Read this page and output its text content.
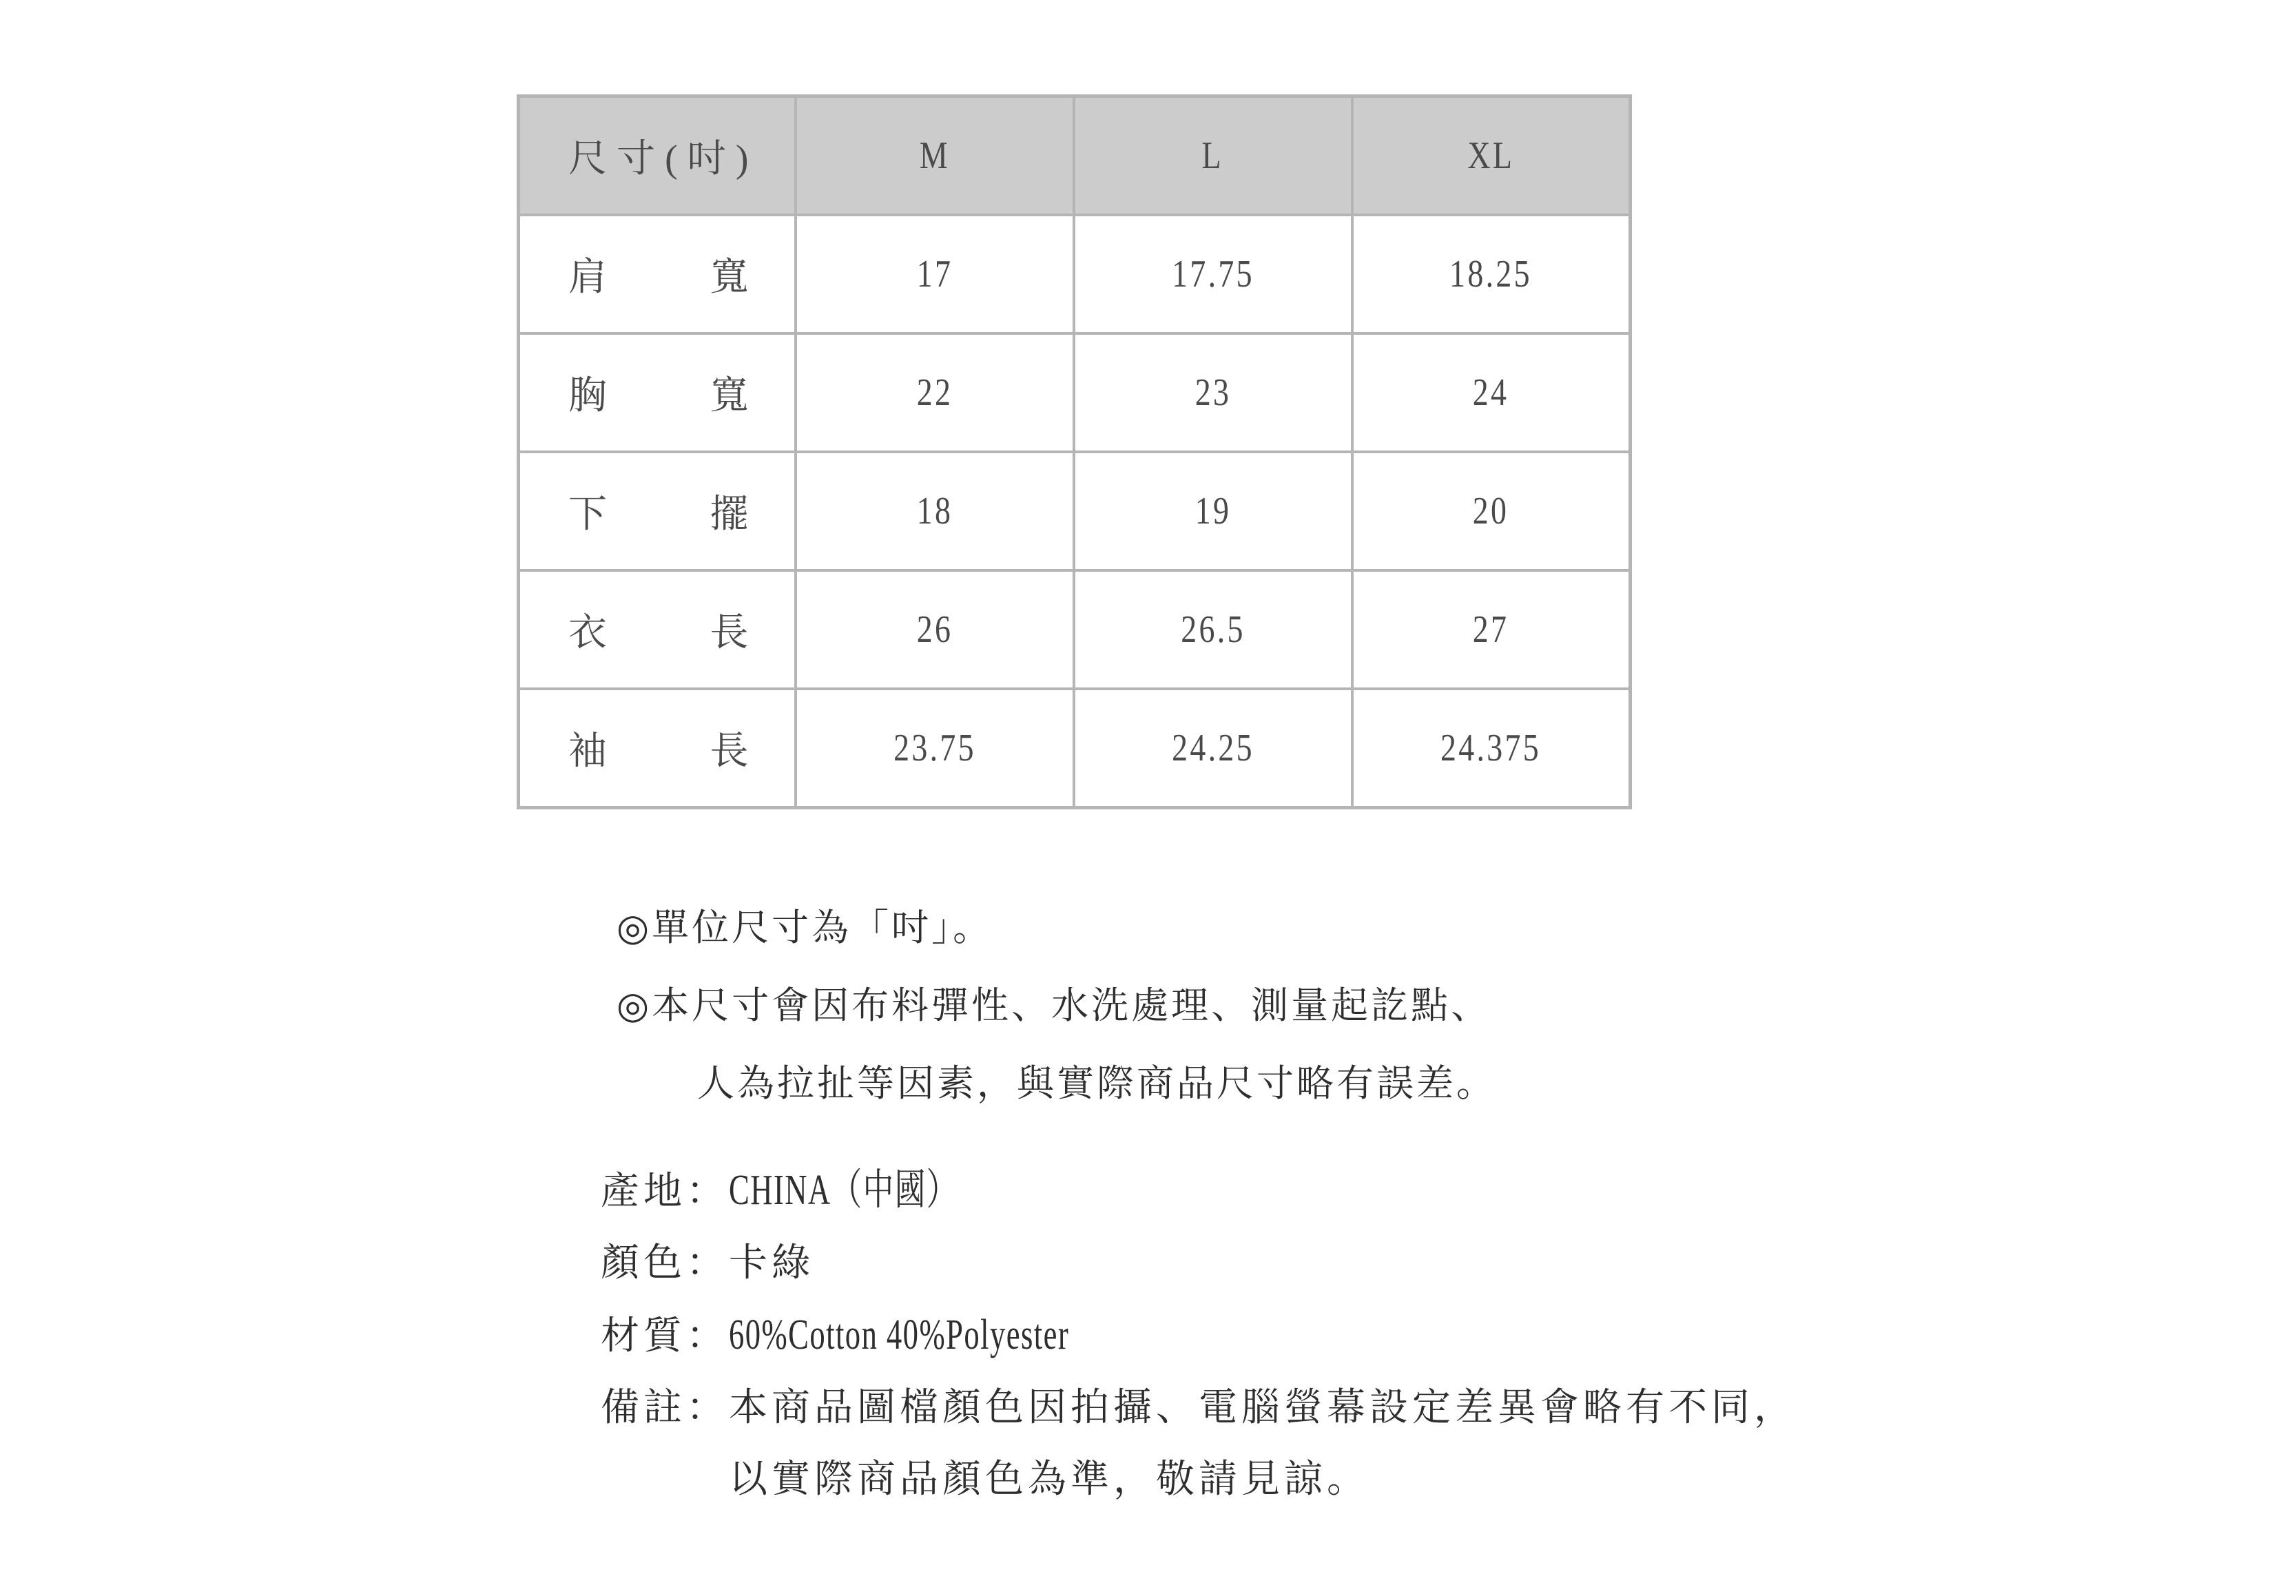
尺寸(吋)	M	L	XL

肩 寬	17	17.75	18.25

胸 寬	22	23	24

下 擺	18	19	20

衣 長	26	26.5	27

袖 長	23.75	24.25	24.375
◎單位尺寸為「吋」。
◎本尺寸會因布料彈性、水洗處理、測量起訖點、
人為拉扯等因素，與實際商品尺寸略有誤差。
產地：CHINA（中國）
顏色：卡綠
材質：60%Cotton 40%Polyester
備註：本商品圖檔顏色因拍攝、電腦螢幕設定差異會略有不同，
以實際商品顏色為準，敬請見諒。
